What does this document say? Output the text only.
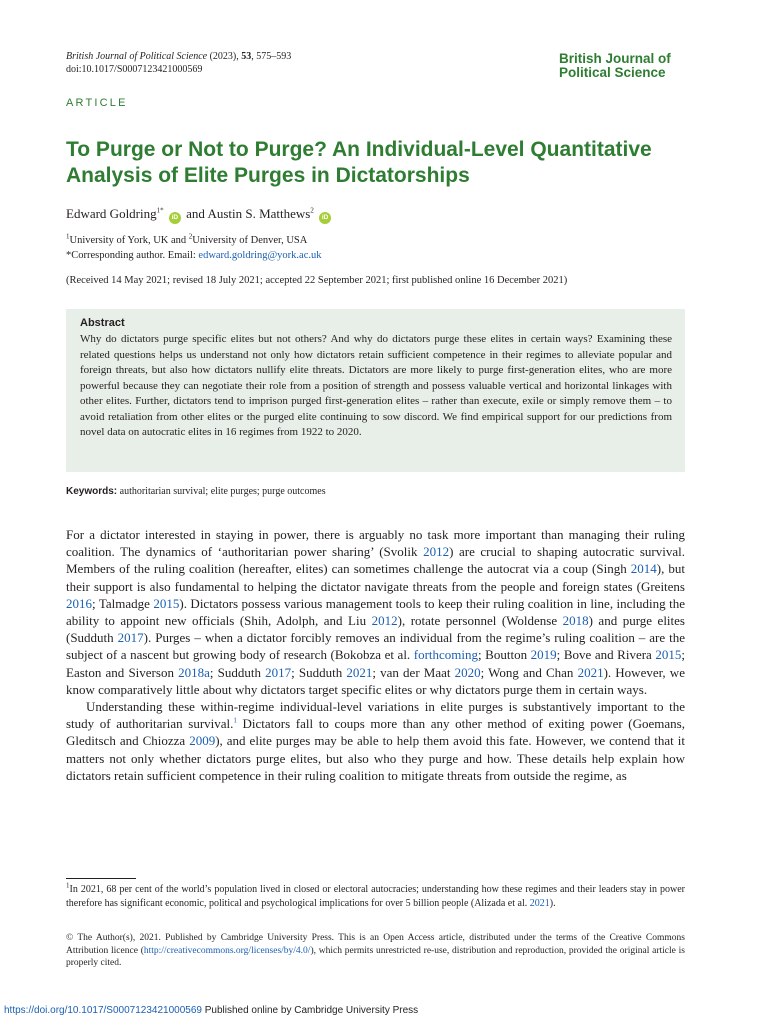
British Journal of Political Science (2023), 53, 575–593
doi:10.1017/S0007123421000569
British Journal of
Political Science
ARTICLE
To Purge or Not to Purge? An Individual-Level Quantitative Analysis of Elite Purges in Dictatorships
Edward Goldring$^{1*}$ iD and Austin S. Matthews$^2$ iD
$^1$University of York, UK and $^2$University of Denver, USA
*Corresponding author. Email: edward.goldring@york.ac.uk
(Received 14 May 2021; revised 18 July 2021; accepted 22 September 2021; first published online 16 December 2021)
Abstract
Why do dictators purge specific elites but not others? And why do dictators purge these elites in certain ways? Examining these related questions helps us understand not only how dictators retain sufficient competence in their regimes to alleviate popular and foreign threats, but also how dictators nullify elite threats. Dictators are more likely to purge first-generation elites, who are more powerful because they can negotiate their role from a position of strength and possess valuable vertical and horizontal linkages with other elites. Further, dictators tend to imprison purged first-generation elites – rather than execute, exile or simply remove them – to avoid retaliation from other elites or the purged elite continuing to sow discord. We find empirical support for our predictions from novel data on autocratic elites in 16 regimes from 1922 to 2020.
Keywords: authoritarian survival; elite purges; purge outcomes

For a dictator interested in staying in power, there is arguably no task more important than managing their ruling coalition. The dynamics of ‘authoritarian power sharing’ (Svolik 2012) are crucial to shaping autocratic survival. Members of the ruling coalition (hereafter, elites) can sometimes challenge the autocrat via a coup (Singh 2014), but their support is also fundamental to helping the dictator navigate threats from the people and foreign states (Greitens 2016; Talmadge 2015). Dictators possess various management tools to keep their ruling coalition in line, including the ability to appoint new officials (Shih, Adolph, and Liu 2012), rotate personnel (Woldense 2018) and purge elites (Sudduth 2017). Purges – when a dictator forcibly removes an individual from the regime’s ruling coalition – are the subject of a nascent but growing body of research (Bokobza et al. forthcoming; Boutton 2019; Bove and Rivera 2015; Easton and Siverson 2018a; Sudduth 2017; Sudduth 2021; van der Maat 2020; Wong and Chan 2021). However, we know comparatively little about why dictators target specific elites or why dictators purge them in certain ways.

Understanding these within-regime individual-level variations in elite purges is substantively important to the study of authoritarian survival.$^1$ Dictators fall to coups more than any other method of exiting power (Goemans, Gleditsch and Chiozza 2009), and elite purges may be able to help them avoid this fate. However, we contend that it matters not only whether dictators purge elites, but also who they purge and how. These details help explain how dictators retain sufficient competence in their ruling coalition to mitigate threats from outside the regime, as

$^1$In 2021, 68 per cent of the world’s population lived in closed or electoral autocracies; understanding how these regimes and their leaders stay in power therefore has significant economic, political and psychological implications for over 5 billion people (Alizada et al. 2021).
© The Author(s), 2021. Published by Cambridge University Press. This is an Open Access article, distributed under the terms of the Creative Commons Attribution licence (http://creativecommons.org/licenses/by/4.0/), which permits unrestricted re-use, distribution and reproduction, provided the original article is properly cited.
https://doi.org/10.1017/S0007123421000569 Published online by Cambridge University Press
